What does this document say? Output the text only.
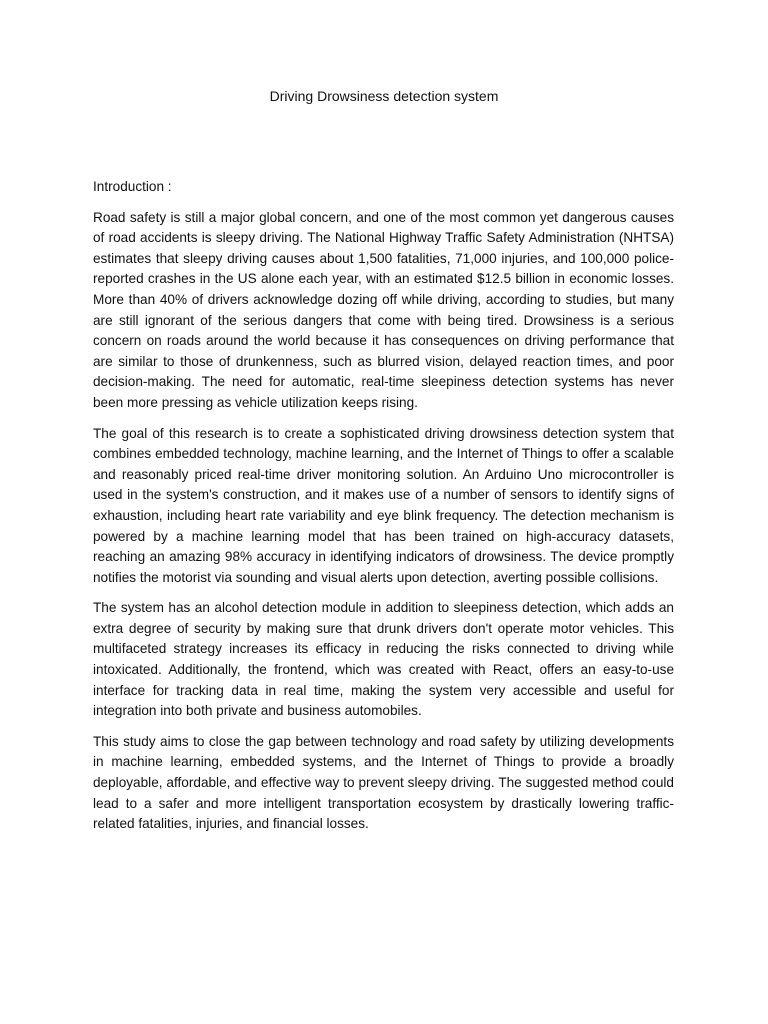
Driving Drowsiness detection system

Introduction :

Road safety is still a major global concern, and one of the most common yet dangerous causes of road accidents is sleepy driving. The National Highway Traffic Safety Administration (NHTSA) estimates that sleepy driving causes about 1,500 fatalities, 71,000 injuries, and 100,000 police-reported crashes in the US alone each year, with an estimated $12.5 billion in economic losses. More than 40% of drivers acknowledge dozing off while driving, according to studies, but many are still ignorant of the serious dangers that come with being tired. Drowsiness is a serious concern on roads around the world because it has consequences on driving performance that are similar to those of drunkenness, such as blurred vision, delayed reaction times, and poor decision-making. The need for automatic, real-time sleepiness detection systems has never been more pressing as vehicle utilization keeps rising.

The goal of this research is to create a sophisticated driving drowsiness detection system that combines embedded technology, machine learning, and the Internet of Things to offer a scalable and reasonably priced real-time driver monitoring solution. An Arduino Uno microcontroller is used in the system's construction, and it makes use of a number of sensors to identify signs of exhaustion, including heart rate variability and eye blink frequency. The detection mechanism is powered by a machine learning model that has been trained on high-accuracy datasets, reaching an amazing 98% accuracy in identifying indicators of drowsiness. The device promptly notifies the motorist via sounding and visual alerts upon detection, averting possible collisions.

The system has an alcohol detection module in addition to sleepiness detection, which adds an extra degree of security by making sure that drunk drivers don't operate motor vehicles. This multifaceted strategy increases its efficacy in reducing the risks connected to driving while intoxicated. Additionally, the frontend, which was created with React, offers an easy-to-use interface for tracking data in real time, making the system very accessible and useful for integration into both private and business automobiles.

This study aims to close the gap between technology and road safety by utilizing developments in machine learning, embedded systems, and the Internet of Things to provide a broadly deployable, affordable, and effective way to prevent sleepy driving. The suggested method could lead to a safer and more intelligent transportation ecosystem by drastically lowering traffic-related fatalities, injuries, and financial losses.
